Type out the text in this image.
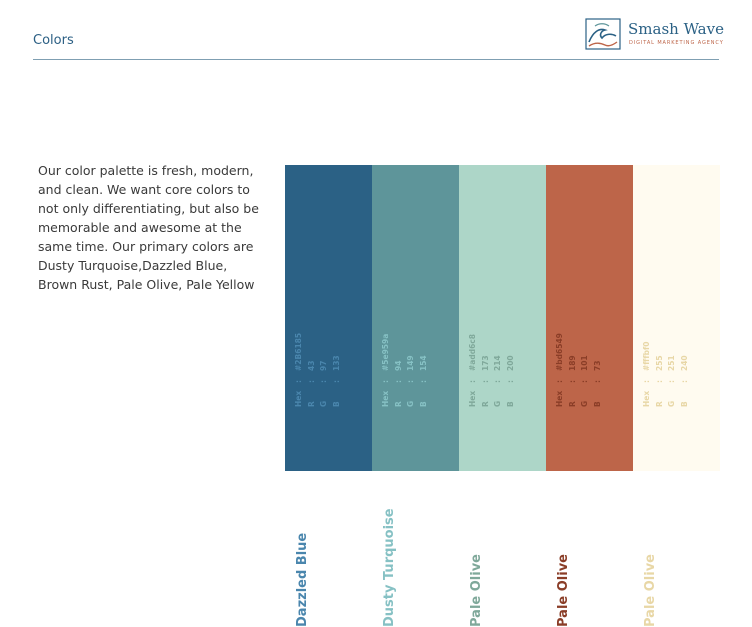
Colors
Smash Wave
DIGITAL MARKETING AGENCY
Our color palette is fresh, modern, and clean. We want core colors to not only differentiating, but also be memorable and awesome at the same time. Our primary colors are Dusty Turquoise,Dazzled Blue, Brown Rust, Pale Olive, Pale Yellow
Hex
:
#2B6185
R
:
43
G
:
97
B
:
133
Dazzled Blue
Hex
:
#5e959a
R
:
94
G
:
149
B
:
154
Dusty Turquoise
Hex
:
#add6c8
R
:
173
G
:
214
B
:
200
Pale Olive
Hex
:
#bd6549
R
:
189
G
:
101
B
:
73
Pale Olive
Hex
:
#fffbf0
R
:
255
G
:
251
B
:
240
Pale Olive
